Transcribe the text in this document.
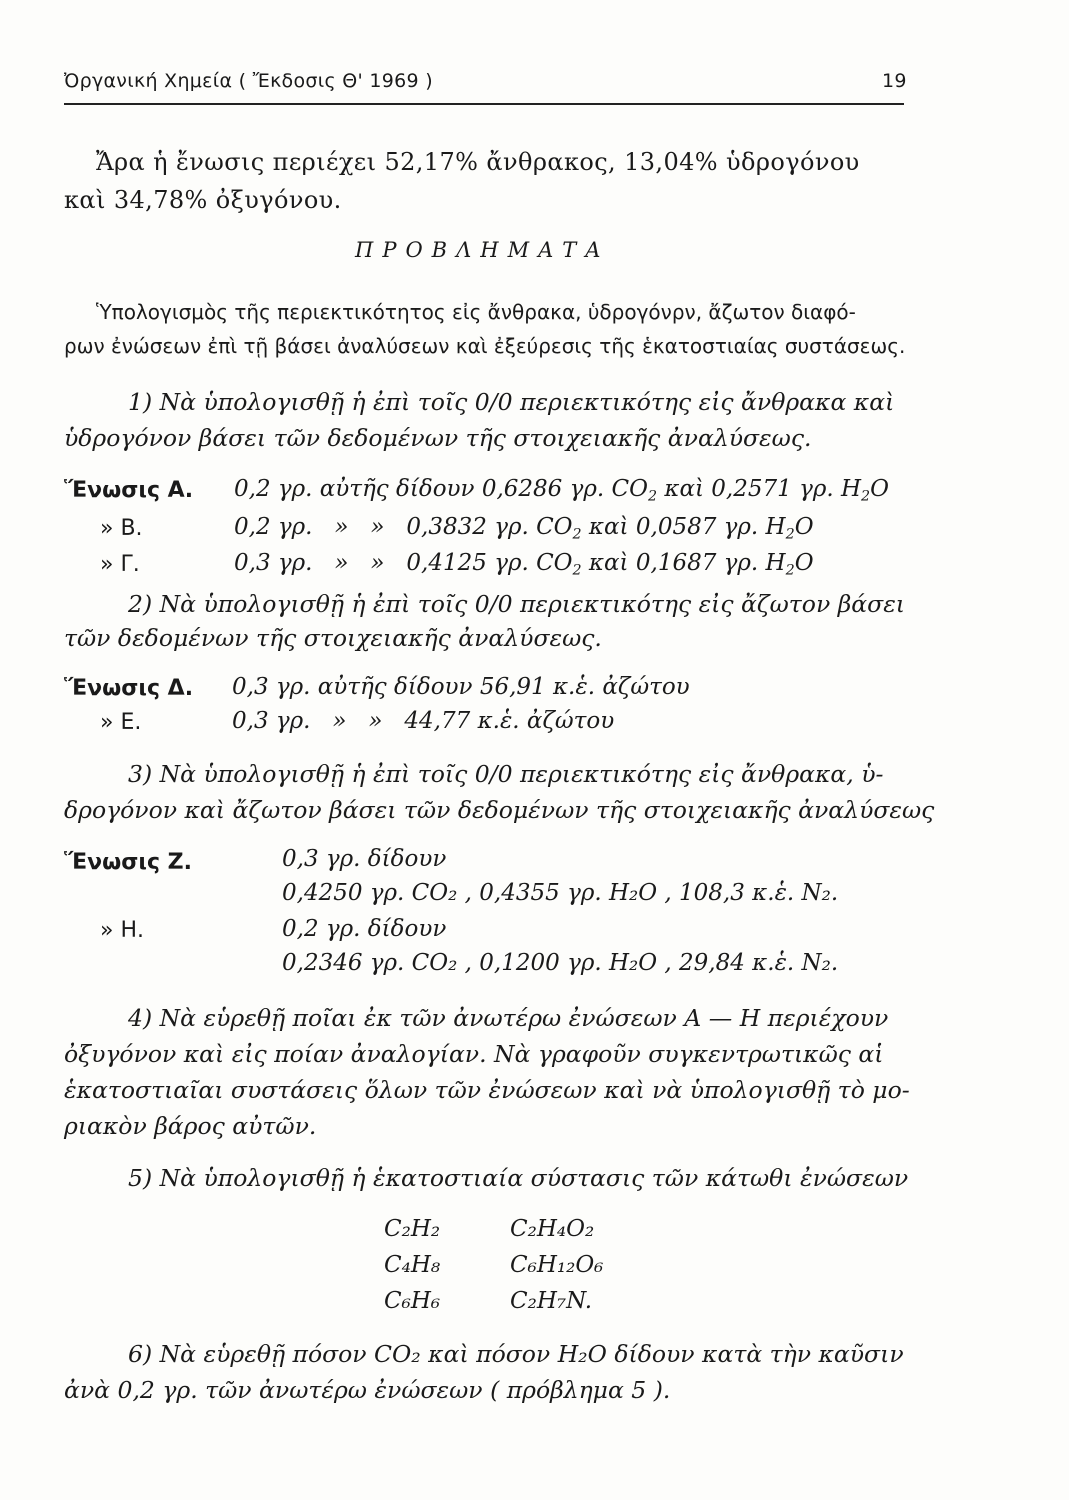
Ὀργανική Χημεία ( Ἔκδοσις Θ' 1969 )	19
Ἄρα ἡ ἔνωσις περιέχει 52,17% ἄνθρακος, 13,04% ὑδρογόνου
καὶ 34,78% ὀξυγόνου.
ΠΡΟΒΛΗΜΑΤΑ
Ὑπολογισμὸς τῆς περιεκτικότητος εἰς ἄνθρακα, ὑδρογόνρν, ἄζωτον διαφό-
ρων ἐνώσεων ἐπὶ τῇ βάσει ἀναλύσεων καὶ ἐξεύρεσις τῆς ἑκατοστιαίας συστάσεως.
1) Νὰ ὑπολογισθῇ ἡ ἐπὶ τοῖς 0/0 περιεκτικότης εἰς ἄνθρακα καὶ
ὑδρογόνον βάσει τῶν δεδομένων τῆς στοιχειακῆς ἀναλύσεως.
Ἕνωσις Α. 0,2 γρ. αὐτῆς δίδουν 0,6286 γρ. $CO_2$ καὶ 0,2571 γρ. $H_2O$
» Β.	0,2 γρ.   »   »   0,3832 γρ. $CO_2$ καὶ 0,0587 γρ. $H_2O$
» Γ.	0,3 γρ.   »   »   0,4125 γρ. $CO_2$ καὶ 0,1687 γρ. $H_2O$
2) Νὰ ὑπολογισθῇ ἡ ἐπὶ τοῖς 0/0 περιεκτικότης εἰς ἄζωτον βάσει
τῶν δεδομένων τῆς στοιχειακῆς ἀναλύσεως.
Ἕνωσις Δ. 0,3 γρ. αὐτῆς δίδουν 56,91 κ.ἑ. ἀζώτου
» Ε.	0,3 γρ.   »   »   44,77 κ.ἑ. ἀζώτου
3) Νὰ ὑπολογισθῇ ἡ ἐπὶ τοῖς 0/0 περιεκτικότης εἰς ἄνθρακα, ὑ-
δρογόνον καὶ ἄζωτον βάσει τῶν δεδομένων τῆς στοιχειακῆς ἀναλύσεως
Ἕνωσις Ζ.	0,3 γρ. δίδουν
0,4250 γρ. CO₂ , 0,4355 γρ. H₂O , 108,3 κ.ἑ. N₂.
» Η.	0,2 γρ. δίδουν
0,2346 γρ. CO₂ , 0,1200 γρ. H₂O , 29,84 κ.ἑ. N₂.
4) Νὰ εὑρεθῇ ποῖαι ἐκ τῶν ἀνωτέρω ἐνώσεων Α — Η περιέχουν
ὀξυγόνον καὶ εἰς ποίαν ἀναλογίαν. Νὰ γραφοῦν συγκεντρωτικῶς αἱ
ἑκατοστιαῖαι συστάσεις ὅλων τῶν ἐνώσεων καὶ νὰ ὑπολογισθῇ τὸ μο-
ριακὸν βάρος αὐτῶν.
5) Νὰ ὑπολογισθῇ ἡ ἑκατοστιαία σύστασις τῶν κάτωθι ἐνώσεων
C₂H₂	C₂H₄O₂
C₄H₈	C₆H₁₂O₆
C₆H₆	C₂H₇N.
6) Νὰ εὑρεθῇ πόσον CO₂ καὶ πόσον H₂O δίδουν κατὰ τὴν καῦσιν
ἀνὰ 0,2 γρ. τῶν ἀνωτέρω ἐνώσεων ( πρόβλημα 5 ).
